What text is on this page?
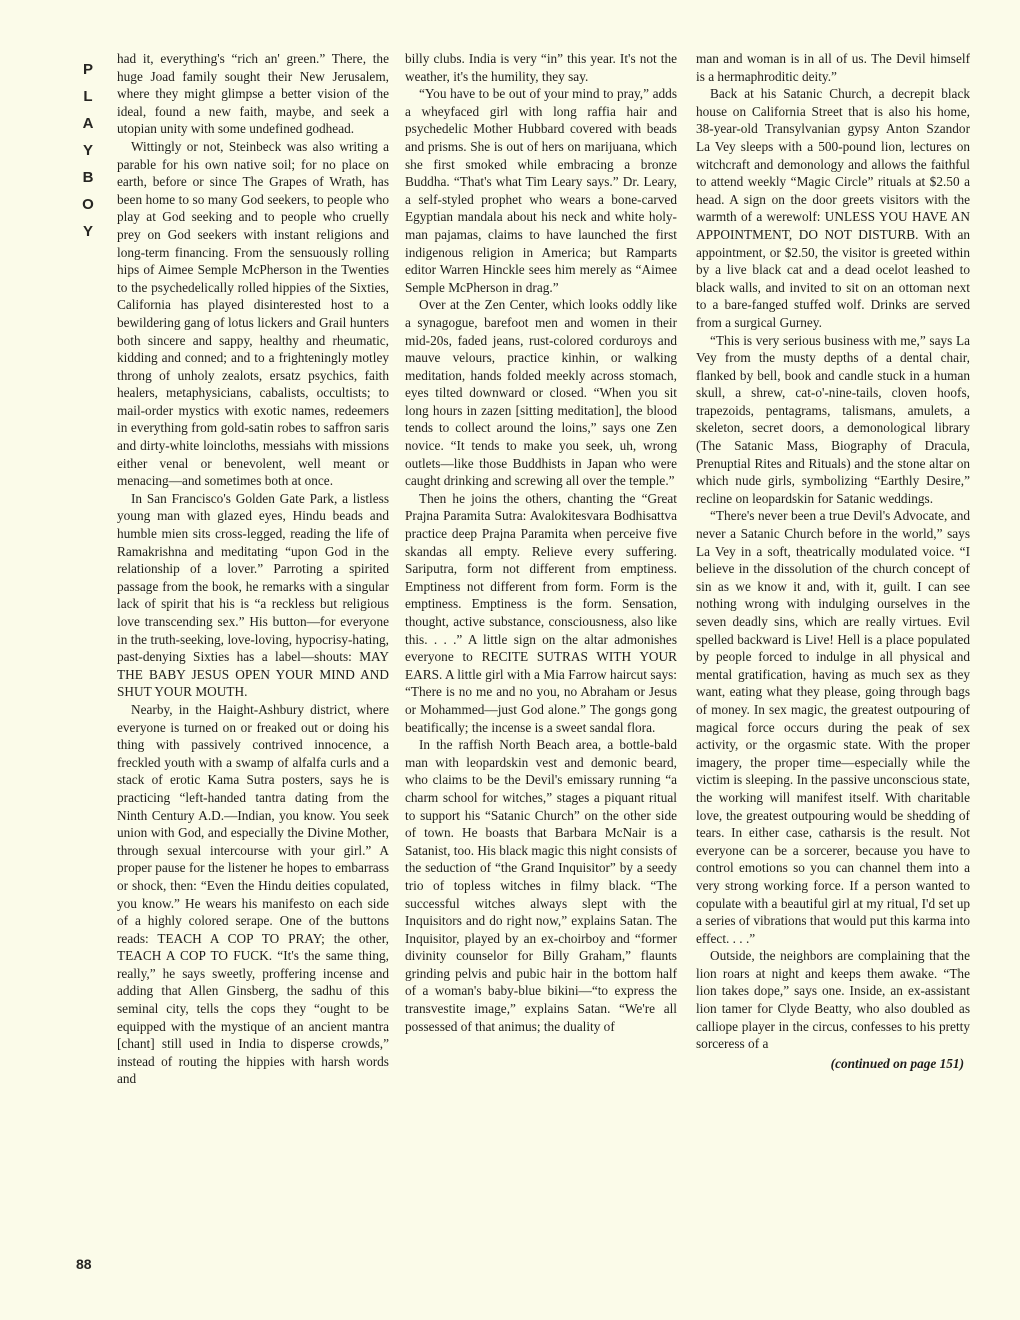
P
L
A
Y
B
O
Y

had it, everything's “rich an' green.” There, the huge Joad family sought their New Jerusalem, where they might glimpse a better vision of the ideal, found a new faith, maybe, and seek a utopian unity with some undefined godhead.

Wittingly or not, Steinbeck was also writing a parable for his own native soil; for no place on earth, before or since The Grapes of Wrath, has been home to so many God seekers, to people who play at God seeking and to people who cruelly prey on God seekers with instant religions and long-term financing. From the sensuously rolling hips of Aimee Semple McPherson in the Twenties to the psychedelically rolled hippies of the Sixties, California has played disinterested host to a bewildering gang of lotus lickers and Grail hunters both sincere and sappy, healthy and rheumatic, kidding and conned; and to a frighteningly motley throng of unholy zealots, ersatz psychics, faith healers, metaphysicians, cabalists, occultists; to mail-order mystics with exotic names, redeemers in everything from gold-satin robes to saffron saris and dirty-white loincloths, messiahs with missions either venal or benevolent, well meant or menacing—and sometimes both at once.

In San Francisco's Golden Gate Park, a listless young man with glazed eyes, Hindu beads and humble mien sits cross-legged, reading the life of Ramakrishna and meditating “upon God in the relationship of a lover.” Parroting a spirited passage from the book, he remarks with a singular lack of spirit that his is “a reckless but religious love transcending sex.” His button—for everyone in the truth-seeking, love-loving, hypocrisy-hating, past-denying Sixties has a label—shouts: MAY THE BABY JESUS OPEN YOUR MIND AND SHUT YOUR MOUTH.

Nearby, in the Haight-Ashbury district, where everyone is turned on or freaked out or doing his thing with passively contrived innocence, a freckled youth with a swamp of alfalfa curls and a stack of erotic Kama Sutra posters, says he is practicing “left-handed tantra dating from the Ninth Century A.D.—Indian, you know. You seek union with God, and especially the Divine Mother, through sexual intercourse with your girl.” A proper pause for the listener he hopes to embarrass or shock, then: “Even the Hindu deities copulated, you know.” He wears his manifesto on each side of a highly colored serape. One of the buttons reads: TEACH A COP TO PRAY; the other, TEACH A COP TO FUCK. “It's the same thing, really,” he says sweetly, proffering incense and adding that Allen Ginsberg, the sadhu of this seminal city, tells the cops they “ought to be equipped with the mystique of an ancient mantra [chant] still used in India to disperse crowds,” instead of routing the hippies with harsh words and

billy clubs. India is very “in” this year. It's not the weather, it's the humility, they say.

“You have to be out of your mind to pray,” adds a wheyfaced girl with long raffia hair and psychedelic Mother Hubbard covered with beads and prisms. She is out of hers on marijuana, which she first smoked while embracing a bronze Buddha. “That's what Tim Leary says.” Dr. Leary, a self-styled prophet who wears a bone-carved Egyptian mandala about his neck and white holy-man pajamas, claims to have launched the first indigenous religion in America; but Ramparts editor Warren Hinckle sees him merely as “Aimee Semple McPherson in drag.”

Over at the Zen Center, which looks oddly like a synagogue, barefoot men and women in their mid-20s, faded jeans, rust-colored corduroys and mauve velours, practice kinhin, or walking meditation, hands folded meekly across stomach, eyes tilted downward or closed. “When you sit long hours in zazen [sitting meditation], the blood tends to collect around the loins,” says one Zen novice. “It tends to make you seek, uh, wrong outlets—like those Buddhists in Japan who were caught drinking and screwing all over the temple.”

Then he joins the others, chanting the “Great Prajna Paramita Sutra: Avalokitesvara Bodhisattva practice deep Prajna Paramita when perceive five skandas all empty. Relieve every suffering. Sariputra, form not different from emptiness. Emptiness not different from form. Form is the emptiness. Emptiness is the form. Sensation, thought, active substance, consciousness, also like this. . . .” A little sign on the altar admonishes everyone to RECITE SUTRAS WITH YOUR EARS. A little girl with a Mia Farrow haircut says: “There is no me and no you, no Abraham or Jesus or Mohammed—just God alone.” The gongs gong beatifically; the incense is a sweet sandal flora.

In the raffish North Beach area, a bottle-bald man with leopardskin vest and demonic beard, who claims to be the Devil's emissary running “a charm school for witches,” stages a piquant ritual to support his “Satanic Church” on the other side of town. He boasts that Barbara McNair is a Satanist, too. His black magic this night consists of the seduction of “the Grand Inquisitor” by a seedy trio of topless witches in filmy black. “The successful witches always slept with the Inquisitors and do right now,” explains Satan. The Inquisitor, played by an ex-choirboy and “former divinity counselor for Billy Graham,” flaunts grinding pelvis and pubic hair in the bottom half of a woman's baby-blue bikini—“to express the transvestite image,” explains Satan. “We're all possessed of that animus; the duality of

man and woman is in all of us. The Devil himself is a hermaphroditic deity.”

Back at his Satanic Church, a decrepit black house on California Street that is also his home, 38-year-old Transylvanian gypsy Anton Szandor La Vey sleeps with a 500-pound lion, lectures on witchcraft and demonology and allows the faithful to attend weekly “Magic Circle” rituals at $2.50 a head. A sign on the door greets visitors with the warmth of a werewolf: UNLESS YOU HAVE AN APPOINTMENT, DO NOT DISTURB. With an appointment, or $2.50, the visitor is greeted within by a live black cat and a dead ocelot leashed to black walls, and invited to sit on an ottoman next to a bare-fanged stuffed wolf. Drinks are served from a surgical Gurney.

“This is very serious business with me,” says La Vey from the musty depths of a dental chair, flanked by bell, book and candle stuck in a human skull, a shrew, cat-o'-nine-tails, cloven hoofs, trapezoids, pentagrams, talismans, amulets, a skeleton, secret doors, a demonological library (The Satanic Mass, Biography of Dracula, Prenuptial Rites and Rituals) and the stone altar on which nude girls, symbolizing “Earthly Desire,” recline on leopardskin for Satanic weddings.

“There's never been a true Devil's Advocate, and never a Satanic Church before in the world,” says La Vey in a soft, theatrically modulated voice. “I believe in the dissolution of the church concept of sin as we know it and, with it, guilt. I can see nothing wrong with indulging ourselves in the seven deadly sins, which are really virtues. Evil spelled backward is Live! Hell is a place populated by people forced to indulge in all physical and mental gratification, having as much sex as they want, eating what they please, going through bags of money. In sex magic, the greatest outpouring of magical force occurs during the peak of sex activity, or the orgasmic state. With the proper imagery, the proper time—especially while the victim is sleeping. In the passive unconscious state, the working will manifest itself. With charitable love, the greatest outpouring would be shedding of tears. In either case, catharsis is the result. Not everyone can be a sorcerer, because you have to control emotions so you can channel them into a very strong working force. If a person wanted to copulate with a beautiful girl at my ritual, I'd set up a series of vibrations that would put this karma into effect. . . .”

Outside, the neighbors are complaining that the lion roars at night and keeps them awake. “The lion takes dope,” says one. Inside, an ex-assistant lion tamer for Clyde Beatty, who also doubled as calliope player in the circus, confesses to his pretty sorceress of a

(continued on page 151)

88
